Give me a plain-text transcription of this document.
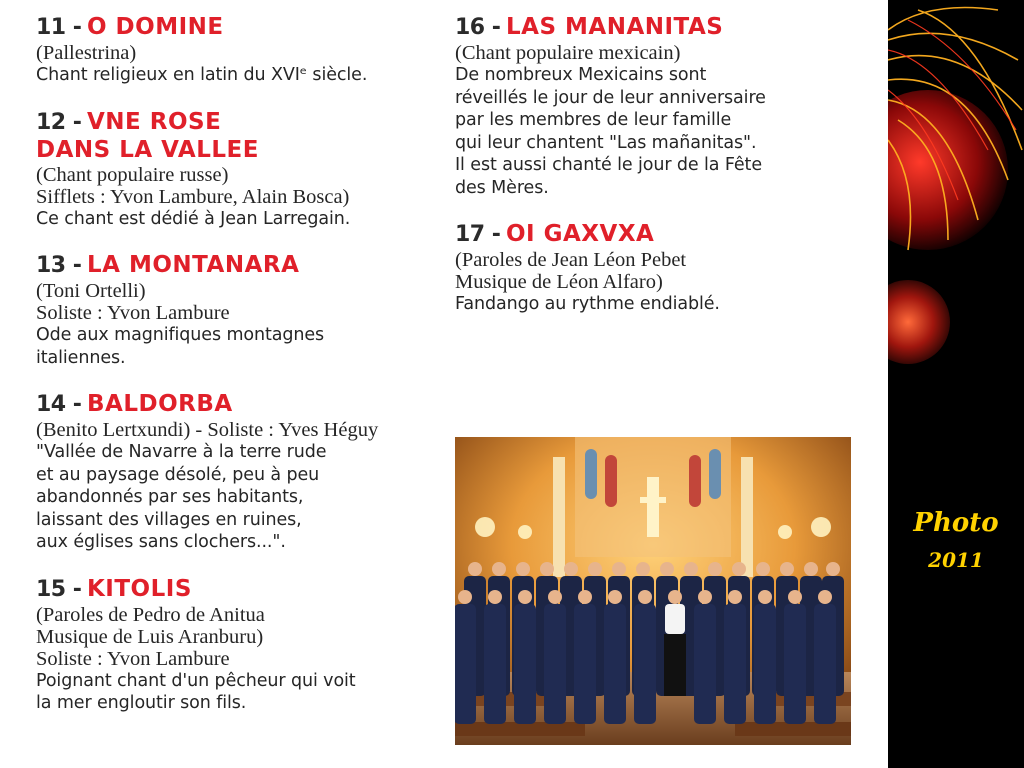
11 - O DOMINE
(Pallestrina)
Chant religieux en latin du XVIᵉ siècle.
12 - VNE ROSE
DANS LA VALLEE
(Chant populaire russe)
Sifflets : Yvon Lambure, Alain Bosca)
Ce chant est dédié à Jean Larregain.
13 - LA MONTANARA
(Toni Ortelli)
Soliste : Yvon Lambure
Ode aux magnifiques montagnes
italiennes.
14 - BALDORBA
(Benito Lertxundi) - Soliste : Yves Héguy
"Vallée de Navarre à la terre rude
et au paysage désolé, peu à peu
abandonnés par ses habitants,
laissant des villages en ruines,
aux églises sans clochers...".
15 - KITOLIS
(Paroles de Pedro de Anitua
Musique de Luis Aranburu)
Soliste : Yvon Lambure
Poignant chant d'un pêcheur qui voit
la mer engloutir son fils.
16 - LAS MANANITAS
(Chant populaire mexicain)
De nombreux Mexicains sont
réveillés le jour de leur anniversaire
par les membres de leur famille
qui leur chantent "Las mañanitas".
Il est aussi chanté le jour de la Fête
des Mères.
17 - OI GAXVXA
(Paroles de Jean Léon Pebet
Musique de Léon Alfaro)
Fandango au rythme endiablé.
Photo
2011
